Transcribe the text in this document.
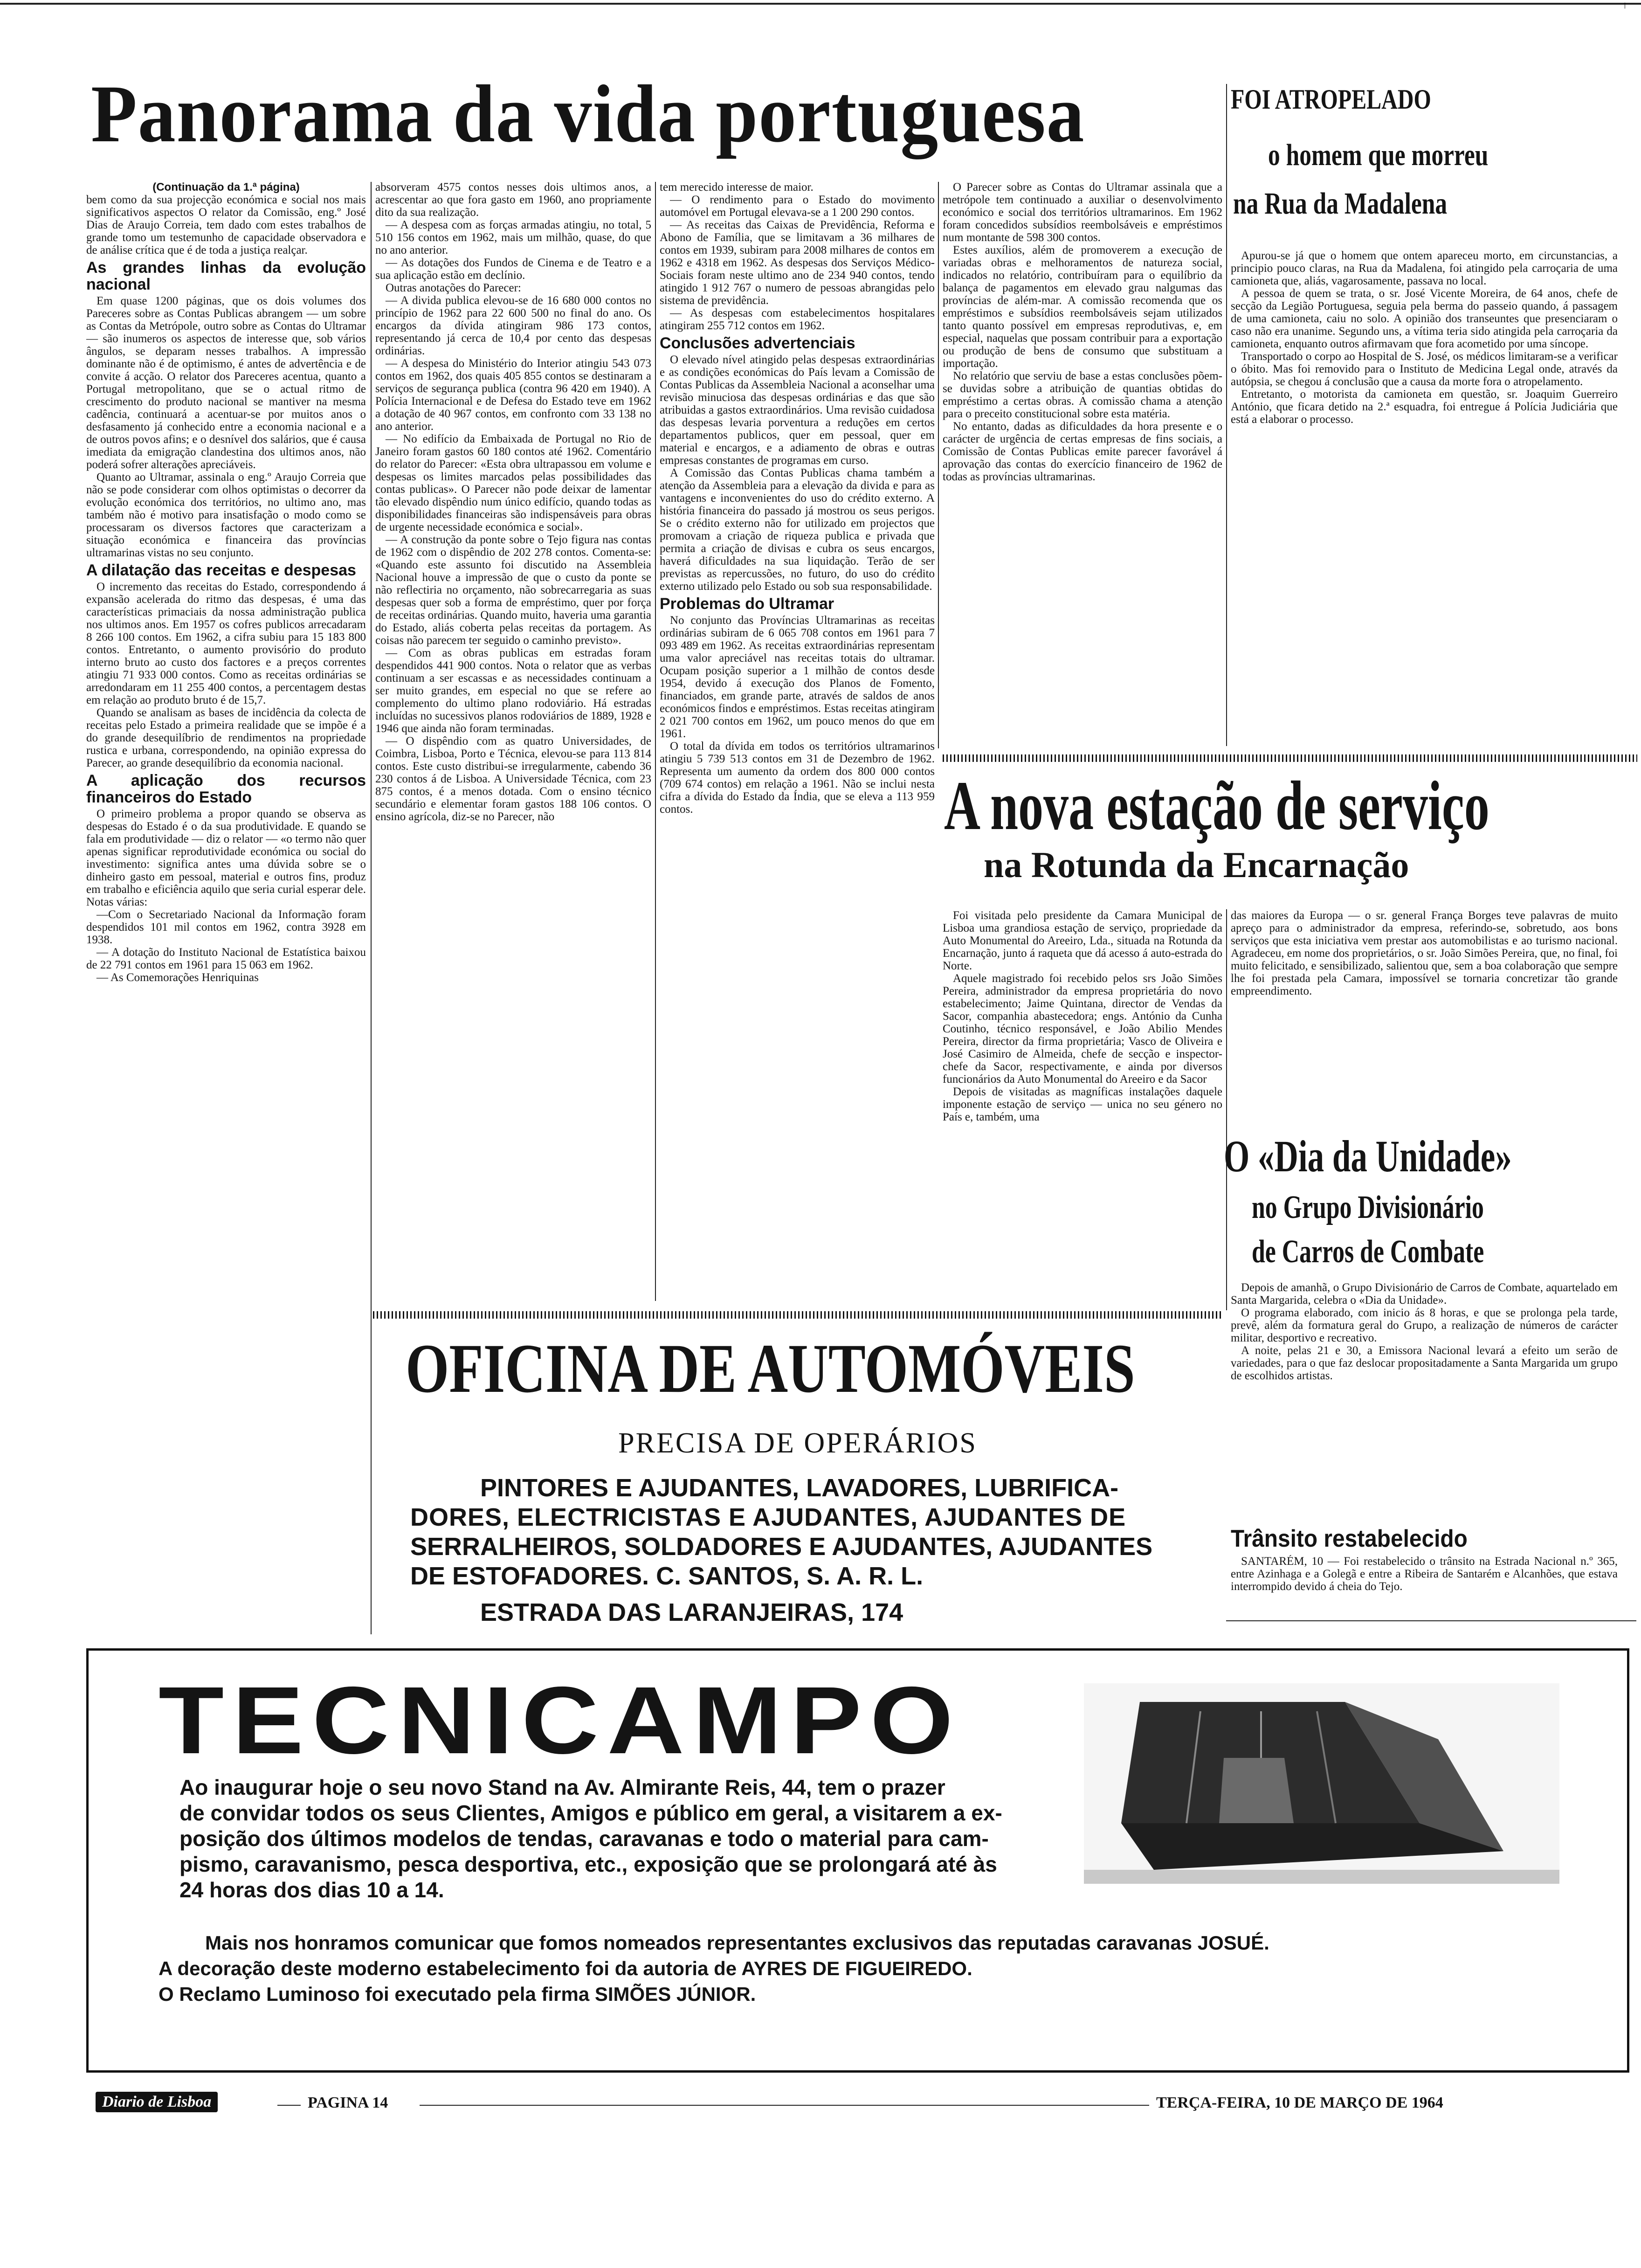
↑
Panorama da vida portuguesa

(Continuação da 1.ª página)

bem como da sua projecção económica e social nos mais significativos aspectos O relator da Comissão, eng.º José Dias de Araujo Correia, tem dado com estes trabalhos de grande tomo um testemunho de capacidade observadora e de análise crítica que é de toda a justiça realçar.

As grandes linhas da evolução nacional

Em quase 1200 páginas, que os dois volumes dos Pareceres sobre as Contas Publicas abrangem — um sobre as Contas da Metrópole, outro sobre as Contas do Ultramar — são inumeros os aspectos de interesse que, sob vários ângulos, se deparam nesses trabalhos. A impressão dominante não é de optimismo, é antes de advertência e de convite á acção. O relator dos Pareceres acentua, quanto a Portugal metropolitano, que se o actual ritmo de crescimento do produto nacional se mantiver na mesma cadência, continuará a acentuar-se por muitos anos o desfasamento já conhecido entre a economia nacional e a de outros povos afins; e o desnível dos salários, que é causa imediata da emigração clandestina dos ultimos anos, não poderá sofrer alterações apreciáveis.

Quanto ao Ultramar, assinala o eng.º Araujo Correia que não se pode considerar com olhos optimistas o decorrer da evolução económica dos territórios, no ultimo ano, mas também não é motivo para insatisfação o modo como se processaram os diversos factores que caracterizam a situação económica e financeira das províncias ultramarinas vistas no seu conjunto.

A dilatação das receitas e despesas

O incremento das receitas do Estado, correspondendo á expansão acelerada do ritmo das despesas, é uma das características primaciais da nossa administração publica nos ultimos anos. Em 1957 os cofres publicos arrecadaram 8 266 100 contos. Em 1962, a cifra subiu para 15 183 800 contos. Entretanto, o aumento provisório do produto interno bruto ao custo dos factores e a preços correntes atingiu 71 933 000 contos. Como as receitas ordinárias se arredondaram em 11 255 400 contos, a percentagem destas em relação ao produto bruto é de 15,7.

Quando se analisam as bases de incidência da colecta de receitas pelo Estado a primeira realidade que se impõe é a do grande desequilíbrio de rendimentos na propriedade rustica e urbana, correspondendo, na opinião expressa do Parecer, ao grande desequilíbrio da economia nacional.

A aplicação dos recursos financeiros do Estado

O primeiro problema a propor quando se observa as despesas do Estado é o da sua produtividade. E quando se fala em produtividade — diz o relator — «o termo não quer apenas significar reprodutividade económica ou social do investimento: significa antes uma dúvida sobre se o dinheiro gasto em pessoal, material e outros fins, produz em trabalho e eficiência aquilo que seria curial esperar dele. Notas várias:

—Com o Secretariado Nacional da Informação foram despendidos 101 mil contos em 1962, contra 3928 em 1938.

— A dotação do Instituto Nacional de Estatística baixou de 22 791 contos em 1961 para 15 063 em 1962.

— As Comemorações Henriquinas

absorveram 4575 contos nesses dois ultimos anos, a acrescentar ao que fora gasto em 1960, ano propriamente dito da sua realização.

— A despesa com as forças armadas atingiu, no total, 5 510 156 contos em 1962, mais um milhão, quase, do que no ano anterior.

— As dotações dos Fundos de Cinema e de Teatro e a sua aplicação estão em declínio.

Outras anotações do Parecer:

— A divida publica elevou-se de 16 680 000 contos no princípio de 1962 para 22 600 500 no final do ano. Os encargos da dívida atingiram 986 173 contos, representando já cerca de 10,4 por cento das despesas ordinárias.

— A despesa do Ministério do Interior atingiu 543 073 contos em 1962, dos quais 405 855 contos se destinaram a serviços de segurança publica (contra 96 420 em 1940). A Polícia Internacional e de Defesa do Estado teve em 1962 a dotação de 40 967 contos, em confronto com 33 138 no ano anterior.

— No edifício da Embaixada de Portugal no Rio de Janeiro foram gastos 60 180 contos até 1962. Comentário do relator do Parecer: «Esta obra ultrapassou em volume e despesas os limites marcados pelas possibilidades das contas publicas». O Parecer não pode deixar de lamentar tão elevado dispêndio num único edifício, quando todas as disponibilidades financeiras são indispensáveis para obras de urgente necessidade económica e social».

— A construção da ponte sobre o Tejo figura nas contas de 1962 com o dispêndio de 202 278 contos. Comenta-se: «Quando este assunto foi discutido na Assembleia Nacional houve a impressão de que o custo da ponte se não reflectiria no orçamento, não sobrecarregaria as suas despesas quer sob a forma de empréstimo, quer por força de receitas ordinárias. Quando muito, haveria uma garantia do Estado, aliás coberta pelas receitas da portagem. As coisas não parecem ter seguido o caminho previsto».

— Com as obras publicas em estradas foram despendidos 441 900 contos. Nota o relator que as verbas continuam a ser escassas e as necessidades continuam a ser muito grandes, em especial no que se refere ao complemento do ultimo plano rodoviário. Há estradas incluídas no sucessivos planos rodoviários de 1889, 1928 e 1946 que ainda não foram terminadas.

— O dispêndio com as quatro Universidades, de Coimbra, Lisboa, Porto e Técnica, elevou-se para 113 814 contos. Este custo distribui-se irregularmente, cabendo 36 230 contos á de Lisboa. A Universidade Técnica, com 23 875 contos, é a menos dotada. Com o ensino técnico secundário e elementar foram gastos 188 106 contos. O ensino agrícola, diz-se no Parecer, não

tem merecido interesse de maior.

— O rendimento para o Estado do movimento automóvel em Portugal elevava-se a 1 200 290 contos.

— As receitas das Caixas de Previdência, Reforma e Abono de Família, que se limitavam a 36 milhares de contos em 1939, subiram para 2008 milhares de contos em 1962 e 4318 em 1962. As despesas dos Serviços Médico-Sociais foram neste ultimo ano de 234 940 contos, tendo atingido 1 912 767 o numero de pessoas abrangidas pelo sistema de previdência.

— As despesas com estabelecimentos hospitalares atingiram 255 712 contos em 1962.

Conclusões advertenciais

O elevado nível atingido pelas despesas extraordinárias e as condições económicas do País levam a Comissão de Contas Publicas da Assembleia Nacional a aconselhar uma revisão minuciosa das despesas ordinárias e das que são atribuidas a gastos extraordinários. Uma revisão cuidadosa das despesas levaria porventura a reduções em certos departamentos publicos, quer em pessoal, quer em material e encargos, e a adiamento de obras e outras empresas constantes de programas em curso.

A Comissão das Contas Publicas chama também a atenção da Assembleia para a elevação da divida e para as vantagens e inconvenientes do uso do crédito externo. A história financeira do passado já mostrou os seus perigos. Se o crédito externo não for utilizado em projectos que promovam a criação de riqueza publica e privada que permita a criação de divisas e cubra os seus encargos, haverá dificuldades na sua liquidação. Terão de ser previstas as repercussões, no futuro, do uso do crédito externo utilizado pelo Estado ou sob sua responsabilidade.

Problemas do Ultramar

No conjunto das Províncias Ultramarinas as receitas ordinárias subiram de 6 065 708 contos em 1961 para 7 093 489 em 1962. As receitas extraordinárias representam uma valor apreciável nas receitas totais do ultramar. Ocupam posição superior a 1 milhão de contos desde 1954, devido á execução dos Planos de Fomento, financiados, em grande parte, através de saldos de anos económicos findos e empréstimos. Estas receitas atingiram 2 021 700 contos em 1962, um pouco menos do que em 1961.

O total da dívida em todos os territórios ultramarinos atingiu 5 739 513 contos em 31 de Dezembro de 1962. Representa um aumento da ordem dos 800 000 contos (709 674 contos) em relação a 1961. Não se inclui nesta cifra a dívida do Estado da Índia, que se eleva a 113 959 contos.

O Parecer sobre as Contas do Ultramar assinala que a metrópole tem continuado a auxiliar o desenvolvimento económico e social dos territórios ultramarinos. Em 1962 foram concedidos subsídios reembolsáveis e empréstimos num montante de 598 300 contos.

Estes auxílios, além de promoverem a execução de variadas obras e melhoramentos de natureza social, indicados no relatório, contribuíram para o equilíbrio da balança de pagamentos em elevado grau nalgumas das províncias de além-mar. A comissão recomenda que os empréstimos e subsídios reembolsáveis sejam utilizados tanto quanto possível em empresas reprodutivas, e, em especial, naquelas que possam contribuir para a exportação ou produção de bens de consumo que substituam a importação.

No relatório que serviu de base a estas conclusões põem-se duvidas sobre a atribuição de quantias obtidas do empréstimo a certas obras. A comissão chama a atenção para o preceito constitucional sobre esta matéria.

No entanto, dadas as dificuldades da hora presente e o carácter de urgência de certas empresas de fins sociais, a Comissão de Contas Publicas emite parecer favorável á aprovação das contas do exercício financeiro de 1962 de todas as províncias ultramarinas.

FOI ATROPELADO
o homem que morreu
na Rua da Madalena

Apurou-se já que o homem que ontem apareceu morto, em circunstancias, a principio pouco claras, na Rua da Madalena, foi atingido pela carroçaria de uma camioneta que, aliás, vagarosamente, passava no local.

A pessoa de quem se trata, o sr. José Vicente Moreira, de 64 anos, chefe de secção da Legião Portuguesa, seguia pela berma do passeio quando, á passagem de uma camioneta, caiu no solo. A opinião dos transeuntes que presenciaram o caso não era unanime. Segundo uns, a vítima teria sido atingida pela carroçaria da camioneta, enquanto outros afirmavam que fora acometido por uma síncope.

Transportado o corpo ao Hospital de S. José, os médicos limitaram-se a verificar o óbito. Mas foi removido para o Instituto de Medicina Legal onde, através da autópsia, se chegou á conclusão que a causa da morte fora o atropelamento.

Entretanto, o motorista da camioneta em questão, sr. Joaquim Guerreiro António, que ficara detido na 2.ª esquadra, foi entregue á Polícia Judiciária que está a elaborar o processo.

A nova estação de serviço
na Rotunda da Encarnação

Foi visitada pelo presidente da Camara Municipal de Lisboa uma grandiosa estação de serviço, propriedade da Auto Monumental do Areeiro, Lda., situada na Rotunda da Encarnação, junto á raqueta que dá acesso á auto-estrada do Norte.

Aquele magistrado foi recebido pelos srs João Simões Pereira, administrador da empresa proprietária do novo estabelecimento; Jaime Quintana, director de Vendas da Sacor, companhia abastecedora; engs. António da Cunha Coutinho, técnico responsável, e João Abilio Mendes Pereira, director da firma proprietária; Vasco de Oliveira e José Casimiro de Almeida, chefe de secção e inspector-chefe da Sacor, respectivamente, e ainda por diversos funcionários da Auto Monumental do Areeiro e da Sacor

Depois de visitadas as magníficas instalações daquele imponente estação de serviço — unica no seu género no País e, também, uma

das maiores da Europa — o sr. general França Borges teve palavras de muito apreço para o administrador da empresa, referindo-se, sobretudo, aos bons serviços que esta iniciativa vem prestar aos automobilistas e ao turismo nacional. Agradeceu, em nome dos proprietários, o sr. João Simões Pereira, que, no final, foi muito felicitado, e sensibilizado, salientou que, sem a boa colaboração que sempre lhe foi prestada pela Camara, impossível se tornaria concretizar tão grande empreendimento.

O «Dia da Unidade»
no Grupo Divisionário
de Carros de Combate

Depois de amanhã, o Grupo Divisionário de Carros de Combate, aquartelado em Santa Margarida, celebra o «Dia da Unidade».

O programa elaborado, com inicio ás 8 horas, e que se prolonga pela tarde, prevê, além da formatura geral do Grupo, a realização de números de carácter militar, desportivo e recreativo.

A noite, pelas 21 e 30, a Emissora Nacional levará a efeito um serão de variedades, para o que faz deslocar propositadamente a Santa Margarida um grupo de escolhidos artistas.

Trânsito restabelecido

SANTARÉM, 10 — Foi restabelecido o trânsito na Estrada Nacional n.º 365, entre Azinhaga e a Golegã e entre a Ribeira de Santarém e Alcanhões, que estava interrompido devido á cheia do Tejo.

OFICINA DE AUTOMÓVEIS
PRECISA DE OPERÁRIOS
PINTORES E AJUDANTES, LAVADORES, LUBRIFICA-
DORES, ELECTRICISTAS E AJUDANTES, AJUDANTES DE
SERRALHEIROS, SOLDADORES E AJUDANTES, AJUDANTES
DE ESTOFADORES. C. SANTOS, S. A. R. L.
ESTRADA DAS LARANJEIRAS, 174
TECNICAMPO
Ao inaugurar hoje o seu novo Stand na Av. Almirante Reis, 44, tem o prazer
de convidar todos os seus Clientes, Amigos e público em geral, a visitarem a ex-
posição dos últimos modelos de tendas, caravanas e todo o material para cam-
pismo, caravanismo, pesca desportiva, etc., exposição que se prolongará até às
24 horas dos dias 10 a 14.
Mais nos honramos comunicar que fomos nomeados representantes exclusivos das reputadas caravanas JOSUÉ.
A decoração deste moderno estabelecimento foi da autoria de AYRES DE FIGUEIREDO.
O Reclamo Luminoso foi executado pela firma SIMÕES JÚNIOR.
Diario de Lisboa	PAGINA 14	TERÇA-FEIRA, 10 DE MARÇO DE 1964
